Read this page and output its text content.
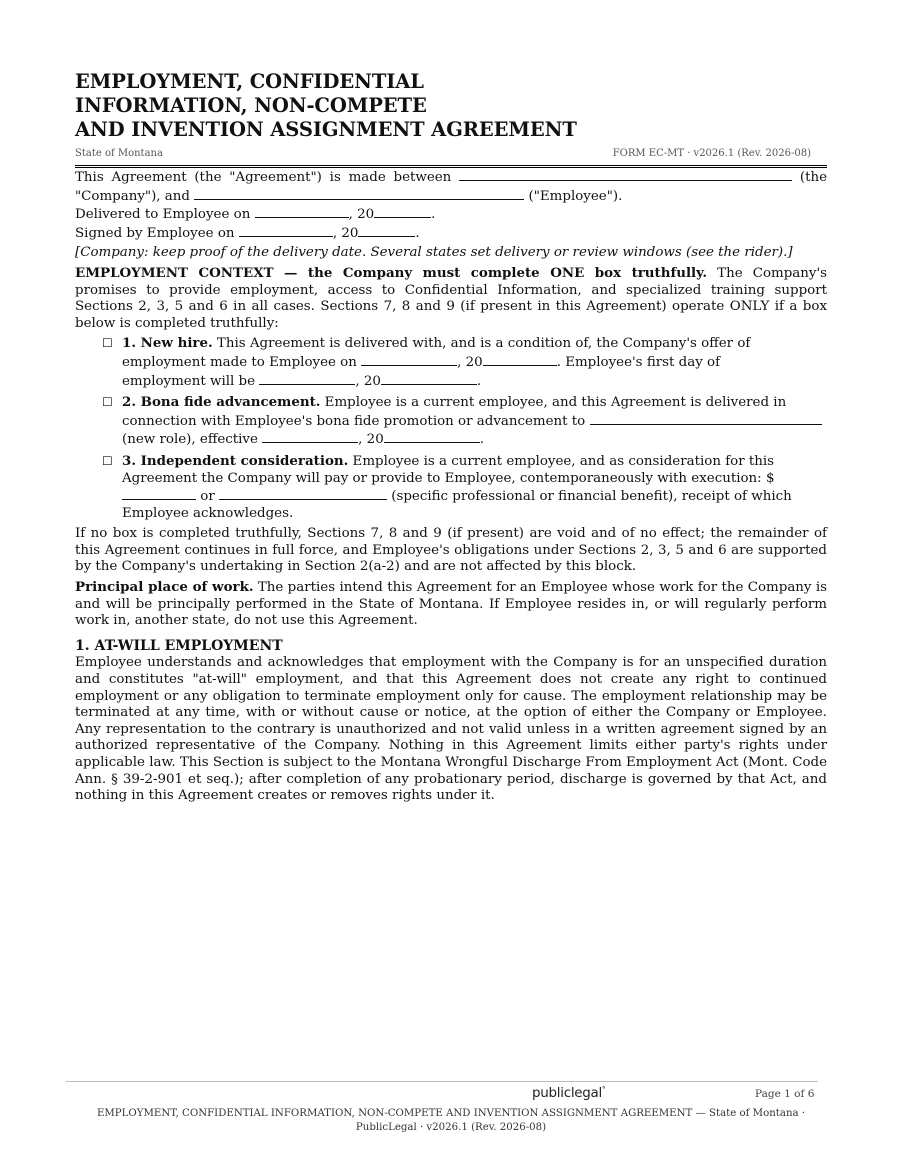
EMPLOYMENT, CONFIDENTIAL
INFORMATION, NON-COMPETE
AND INVENTION ASSIGNMENT AGREEMENT
State of Montana	FORM EC-MT · v2026.1 (Rev. 2026-08)

This Agreement (the "Agreement") is made between	(the "Company"), and	("Employee").

Delivered to Employee on	, 20	.

Signed by Employee on	, 20	.

[Company: keep proof of the delivery date. Several states set delivery or review windows (see the rider).]

EMPLOYMENT CONTEXT — the Company must complete ONE box truthfully. The Company's promises to provide employment, access to Confidential Information, and specialized training support Sections 2, 3, 5 and 6 in all cases. Sections 7, 8 and 9 (if present in this Agreement) operate ONLY if a box below is completed truthfully:

☐ 1. New hire. This Agreement is delivered with, and is a condition of, the Company's offer of employment made to Employee on	, 20	. Employee's first day of employment will be	, 20	.
☐ 2. Bona fide advancement. Employee is a current employee, and this Agreement is delivered in connection with Employee's bona fide promotion or advancement to  (new role), effective	, 20	.
☐ 3. Independent consideration. Employee is a current employee, and as consideration for this Agreement the Company will pay or provide to Employee, contemporaneously with execution: $ or	(specific professional or financial benefit), receipt of which Employee acknowledges.

If no box is completed truthfully, Sections 7, 8 and 9 (if present) are void and of no effect; the remainder of this Agreement continues in full force, and Employee's obligations under Sections 2, 3, 5 and 6 are supported by the Company's undertaking in Section 2(a-2) and are not affected by this block.

Principal place of work. The parties intend this Agreement for an Employee whose work for the Company is and will be principally performed in the State of Montana. If Employee resides in, or will regularly perform work in, another state, do not use this Agreement.

1. AT-WILL EMPLOYMENT

Employee understands and acknowledges that employment with the Company is for an unspecified duration and constitutes "at-will" employment, and that this Agreement does not create any right to continued employment or any obligation to terminate employment only for cause. The employment relationship may be terminated at any time, with or without cause or notice, at the option of either the Company or Employee. Any representation to the contrary is unauthorized and not valid unless in a written agreement signed by an authorized representative of the Company. Nothing in this Agreement limits either party's rights under applicable law. This Section is subject to the Montana Wrongful Discharge From Employment Act (Mont. Code Ann. § 39-2-901 et seq.); after completion of any probationary period, discharge is governed by that Act, and nothing in this Agreement creates or removes rights under it.

publiclegal°	Page 1 of 6
EMPLOYMENT, CONFIDENTIAL INFORMATION, NON-COMPETE AND INVENTION ASSIGNMENT AGREEMENT — State of Montana ·
PublicLegal · v2026.1 (Rev. 2026-08)
